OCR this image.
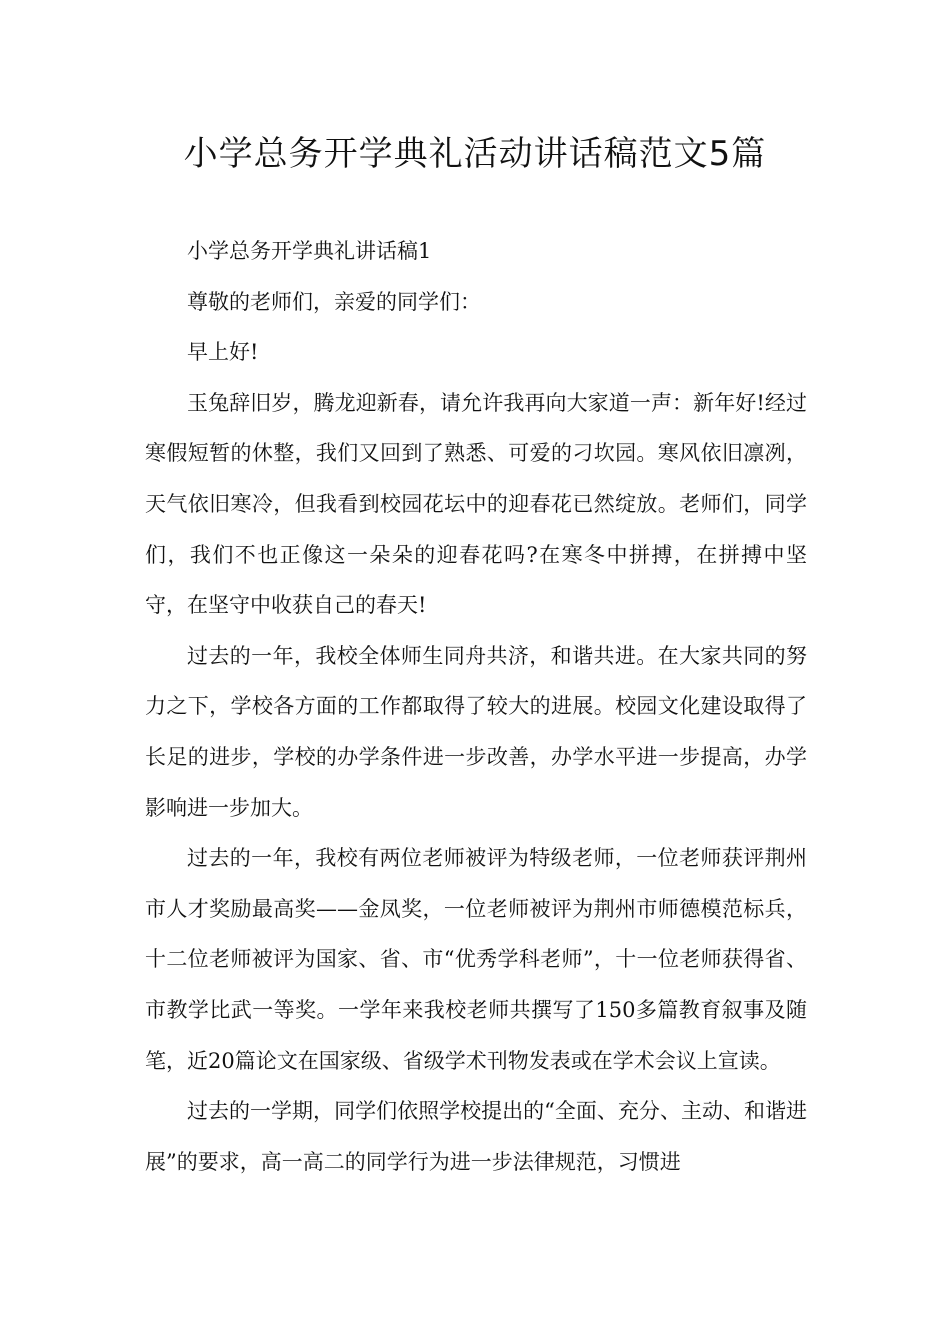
小学总务开学典礼活动讲话稿范文5篇

小学总务开学典礼讲话稿1

尊敬的老师们，亲爱的同学们：

早上好!

玉兔辞旧岁，腾龙迎新春，请允许我再向大家道一声：新年好!经过寒假短暂的休整，我们又回到了熟悉、可爱的刁坎园。寒风依旧凛冽，天气依旧寒冷，但我看到校园花坛中的迎春花已然绽放。老师们，同学们，我们不也正像这一朵朵的迎春花吗?在寒冬中拼搏，在拼搏中坚守，在坚守中收获自己的春天!

过去的一年，我校全体师生同舟共济，和谐共进。在大家共同的努力之下，学校各方面的工作都取得了较大的进展。校园文化建设取得了长足的进步，学校的办学条件进一步改善，办学水平进一步提高，办学影响进一步加大。

过去的一年，我校有两位老师被评为特级老师，一位老师获评荆州市人才奖励最高奖——金凤奖，一位老师被评为荆州市师德模范标兵，十二位老师被评为国家、省、市“优秀学科老师”，十一位老师获得省、市教学比武一等奖。一学年来我校老师共撰写了150多篇教育叙事及随笔，近20篇论文在国家级、省级学术刊物发表或在学术会议上宣读。

过去的一学期，同学们依照学校提出的“全面、充分、主动、和谐进展”的要求，高一高二的同学行为进一步法律规范，习惯进
